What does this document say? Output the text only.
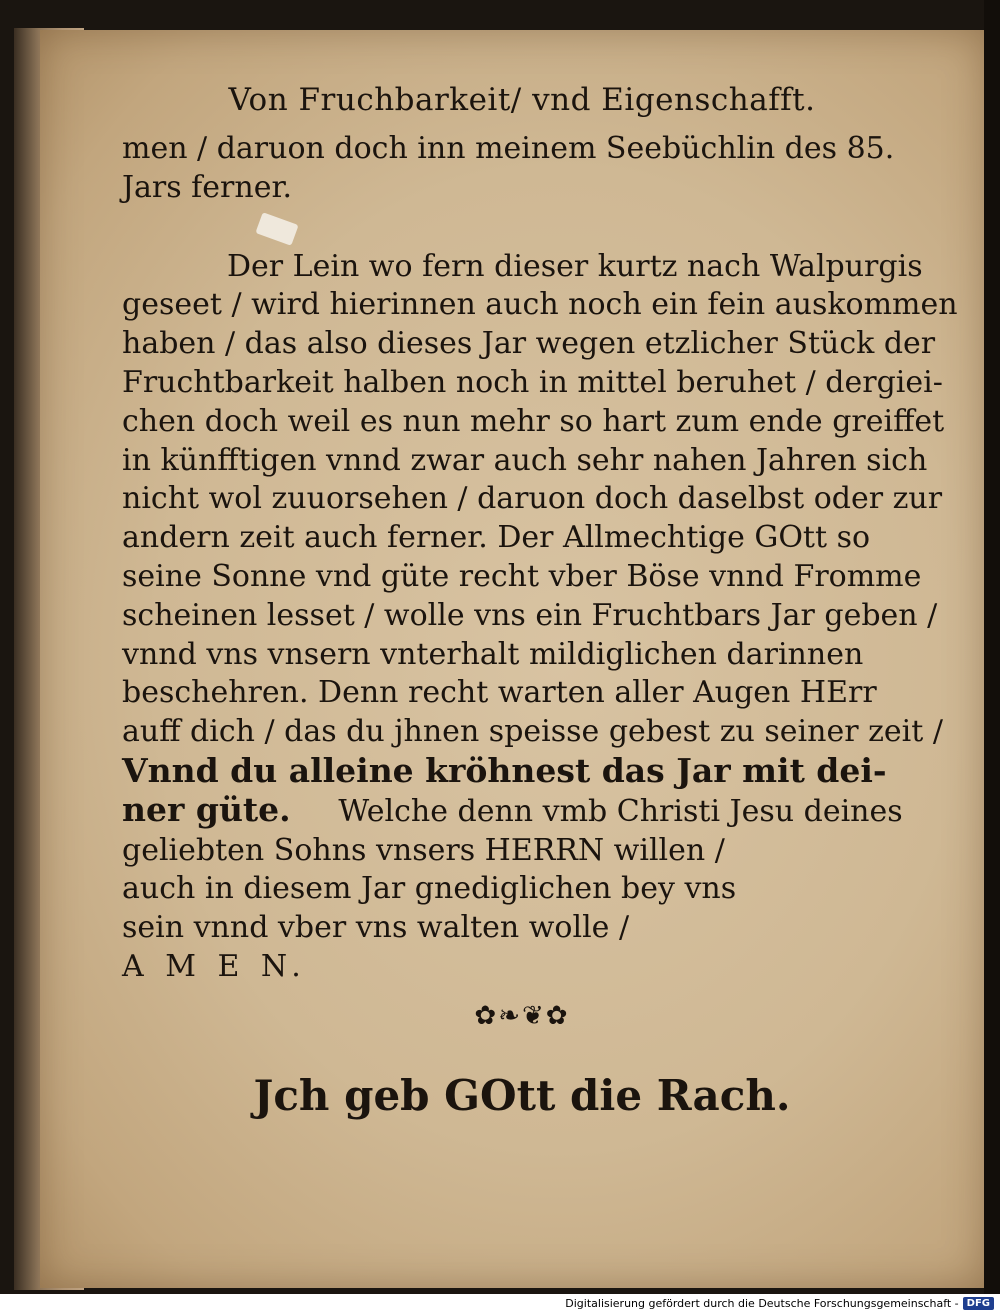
Von Fruchbarkeit/ vnd Eigenschafft.
men / daruon doch inn meinem Seebüchlin des 85.
Jars ferner.
Der Lein wo fern dieser kurtz nach Walpurgis
geseet / wird hierinnen auch noch ein fein auskommen
haben / das also dieses Jar wegen etzlicher Stück der
Fruchtbarkeit halben noch in mittel beruhet / dergiei-
chen doch weil es nun mehr so hart zum ende greiffet
in künfftigen vnnd zwar auch sehr nahen Jahren sich
nicht wol zuuorsehen / daruon doch daselbst oder zur
andern zeit auch ferner. Der Allmechtige GOtt so
seine Sonne vnd güte recht vber Böse vnnd Fromme
scheinen lesset / wolle vns ein Fruchtbars Jar geben /
vnnd vns vnsern vnterhalt mildiglichen darinnen
beschehren. Denn recht warten aller Augen HErr
auff dich / das du jhnen speisse gebest zu seiner zeit /
Vnnd du alleine kröhnest das Jar mit dei-
ner güte. Welche denn vmb Christi Jesu deines
geliebten Sohns vnsers HERRN willen /
auch in diesem Jar gnediglichen bey vns
sein vnnd vber vns walten wolle /
A M E N.
✿❧❦✿
Jch geb GOtt die Rach.
Digitalisierung gefördert durch die Deutsche Forschungsgemeinschaft - DFG
